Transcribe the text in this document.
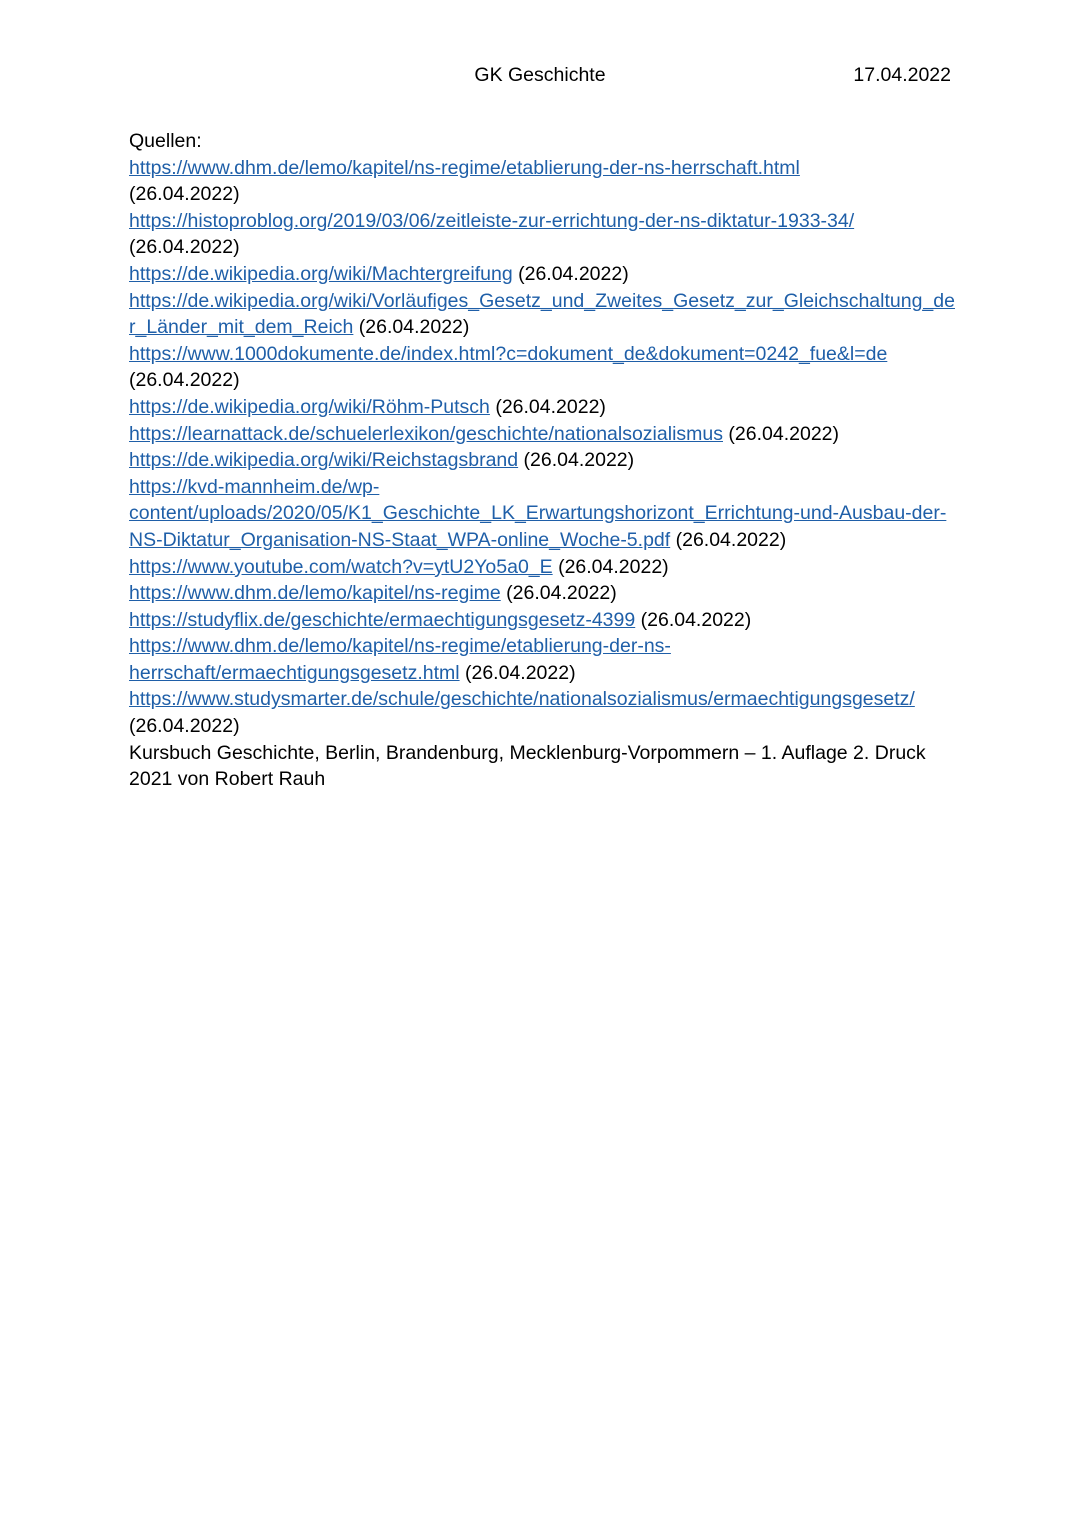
GK Geschichte	17.04.2022

Quellen:

https://www.dhm.de/lemo/kapitel/ns-regime/etablierung-der-ns-herrschaft.html
(26.04.2022)

https://histoproblog.org/2019/03/06/zeitleiste-zur-errichtung-der-ns-diktatur-1933-34/
(26.04.2022)

https://de.wikipedia.org/wiki/Machtergreifung (26.04.2022)

https://de.wikipedia.org/wiki/Vorläufiges_Gesetz_und_Zweites_Gesetz_zur_Gleichschaltung_der_Länder_mit_dem_Reich (26.04.2022)

https://www.1000dokumente.de/index.html?c=dokument_de&dokument=0242_fue&l=de
(26.04.2022)

https://de.wikipedia.org/wiki/Röhm-Putsch (26.04.2022)

https://learnattack.de/schuelerlexikon/geschichte/nationalsozialismus (26.04.2022)

https://de.wikipedia.org/wiki/Reichstagsbrand (26.04.2022)

https://kvd-mannheim.de/wp-content/uploads/2020/05/K1_Geschichte_LK_Erwartungshorizont_Errichtung-und-Ausbau-der-NS-Diktatur_Organisation-NS-Staat_WPA-online_Woche-5.pdf (26.04.2022)

https://www.youtube.com/watch?v=ytU2Yo5a0_E (26.04.2022)

https://www.dhm.de/lemo/kapitel/ns-regime (26.04.2022)

https://studyflix.de/geschichte/ermaechtigungsgesetz-4399 (26.04.2022)

https://www.dhm.de/lemo/kapitel/ns-regime/etablierung-der-ns-herrschaft/ermaechtigungsgesetz.html (26.04.2022)

https://www.studysmarter.de/schule/geschichte/nationalsozialismus/ermaechtigungsgesetz/ (26.04.2022)

Kursbuch Geschichte, Berlin, Brandenburg, Mecklenburg-Vorpommern – 1. Auflage 2. Druck 2021 von Robert Rauh
